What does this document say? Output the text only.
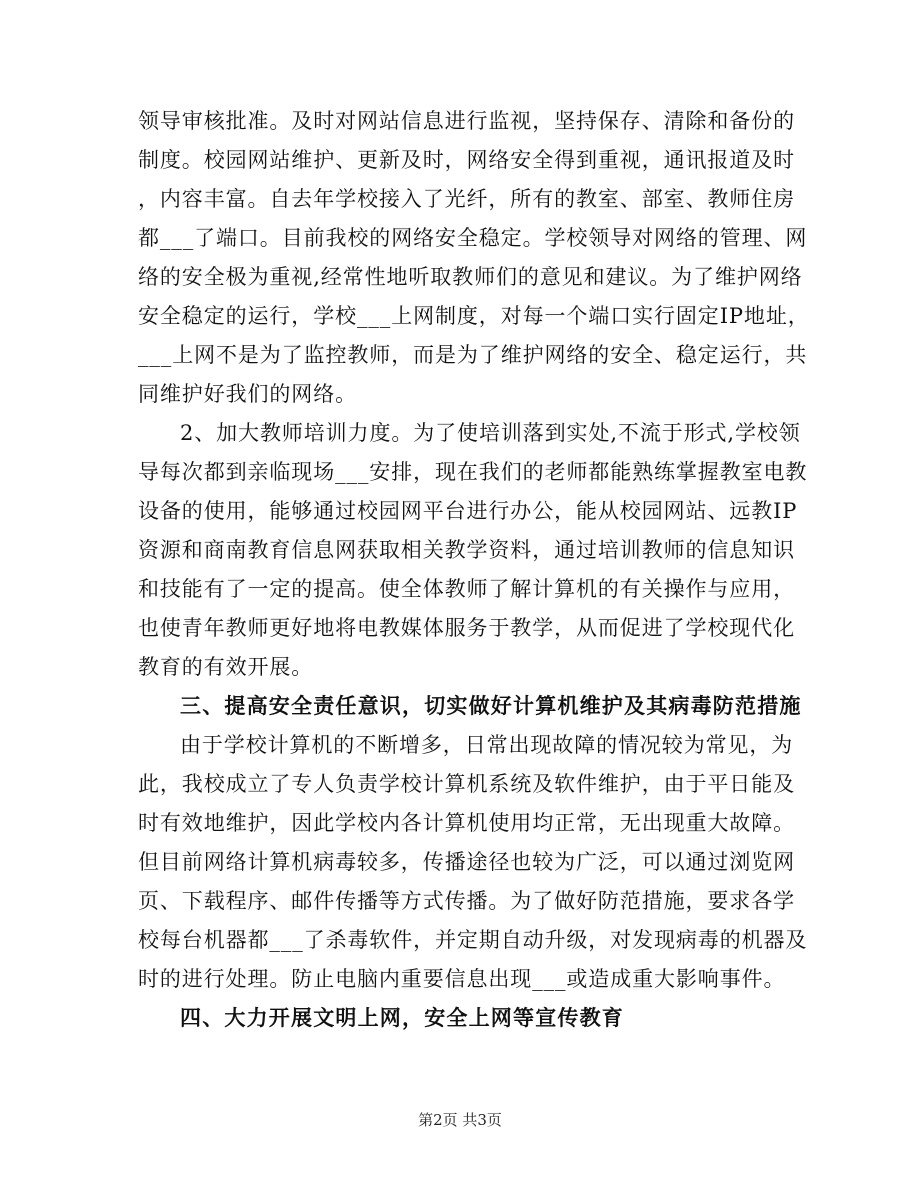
领导审核批准。及时对网站信息进行监视，坚持保存、清除和备份的
制度。校园网站维护、更新及时，网络安全得到重视，通讯报道及时
，内容丰富。自去年学校接入了光纤，所有的教室、部室、教师住房
都___了端口。目前我校的网络安全稳定。学校领导对网络的管理、网
络的安全极为重视,经常性地听取教师们的意见和建议。为了维护网络
安全稳定的运行，学校___上网制度，对每一个端口实行固定IP地址，
___上网不是为了监控教师，而是为了维护网络的安全、稳定运行，共
同维护好我们的网络。
2、加大教师培训力度。为了使培训落到实处,不流于形式,学校领
导每次都到亲临现场___安排，现在我们的老师都能熟练掌握教室电教
设备的使用，能够通过校园网平台进行办公，能从校园网站、远教IP
资源和商南教育信息网获取相关教学资料，通过培训教师的信息知识
和技能有了一定的提高。使全体教师了解计算机的有关操作与应用，
也使青年教师更好地将电教媒体服务于教学，从而促进了学校现代化
教育的有效开展。
三、提高安全责任意识，切实做好计算机维护及其病毒防范措施
由于学校计算机的不断增多，日常出现故障的情况较为常见，为
此，我校成立了专人负责学校计算机系统及软件维护，由于平日能及
时有效地维护，因此学校内各计算机使用均正常，无出现重大故障。
但目前网络计算机病毒较多，传播途径也较为广泛，可以通过浏览网
页、下载程序、邮件传播等方式传播。为了做好防范措施，要求各学
校每台机器都___了杀毒软件，并定期自动升级，对发现病毒的机器及
时的进行处理。防止电脑内重要信息出现___或造成重大影响事件。
四、大力开展文明上网，安全上网等宣传教育
第2页 共3页
